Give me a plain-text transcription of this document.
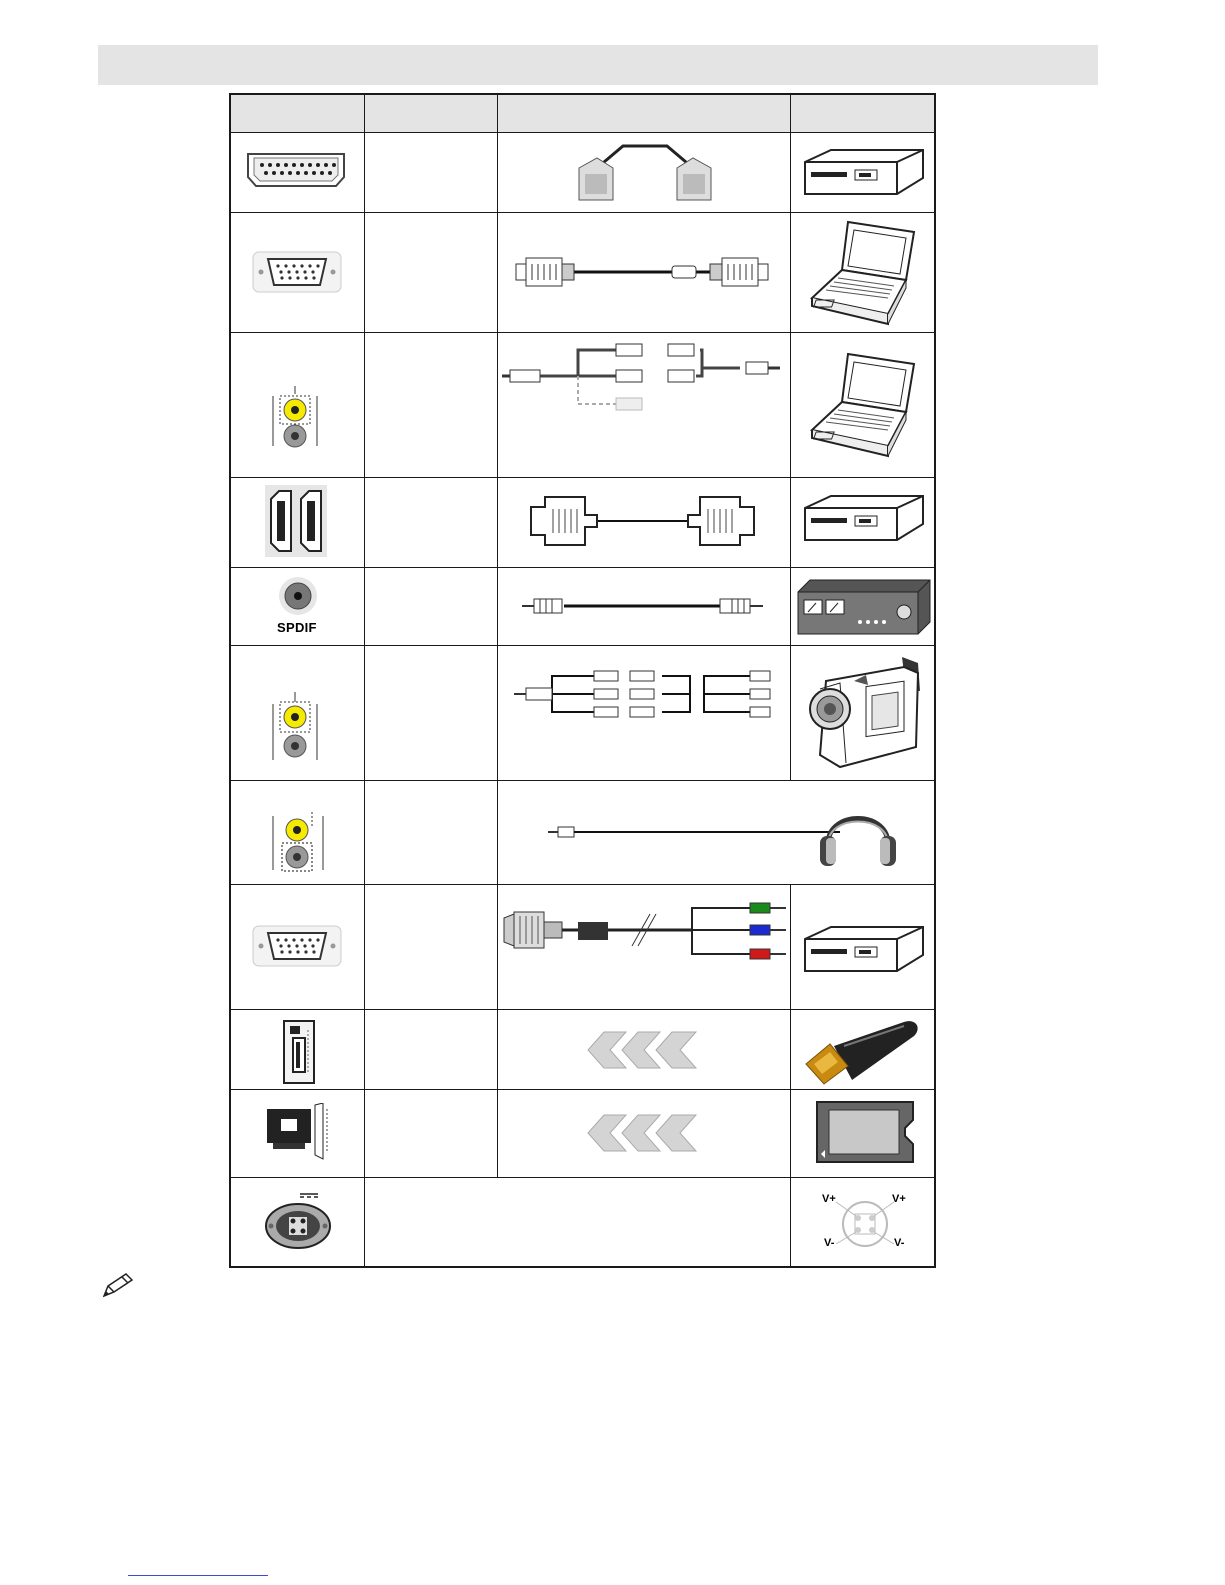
SPDIF
V+	V+
V-	V-
